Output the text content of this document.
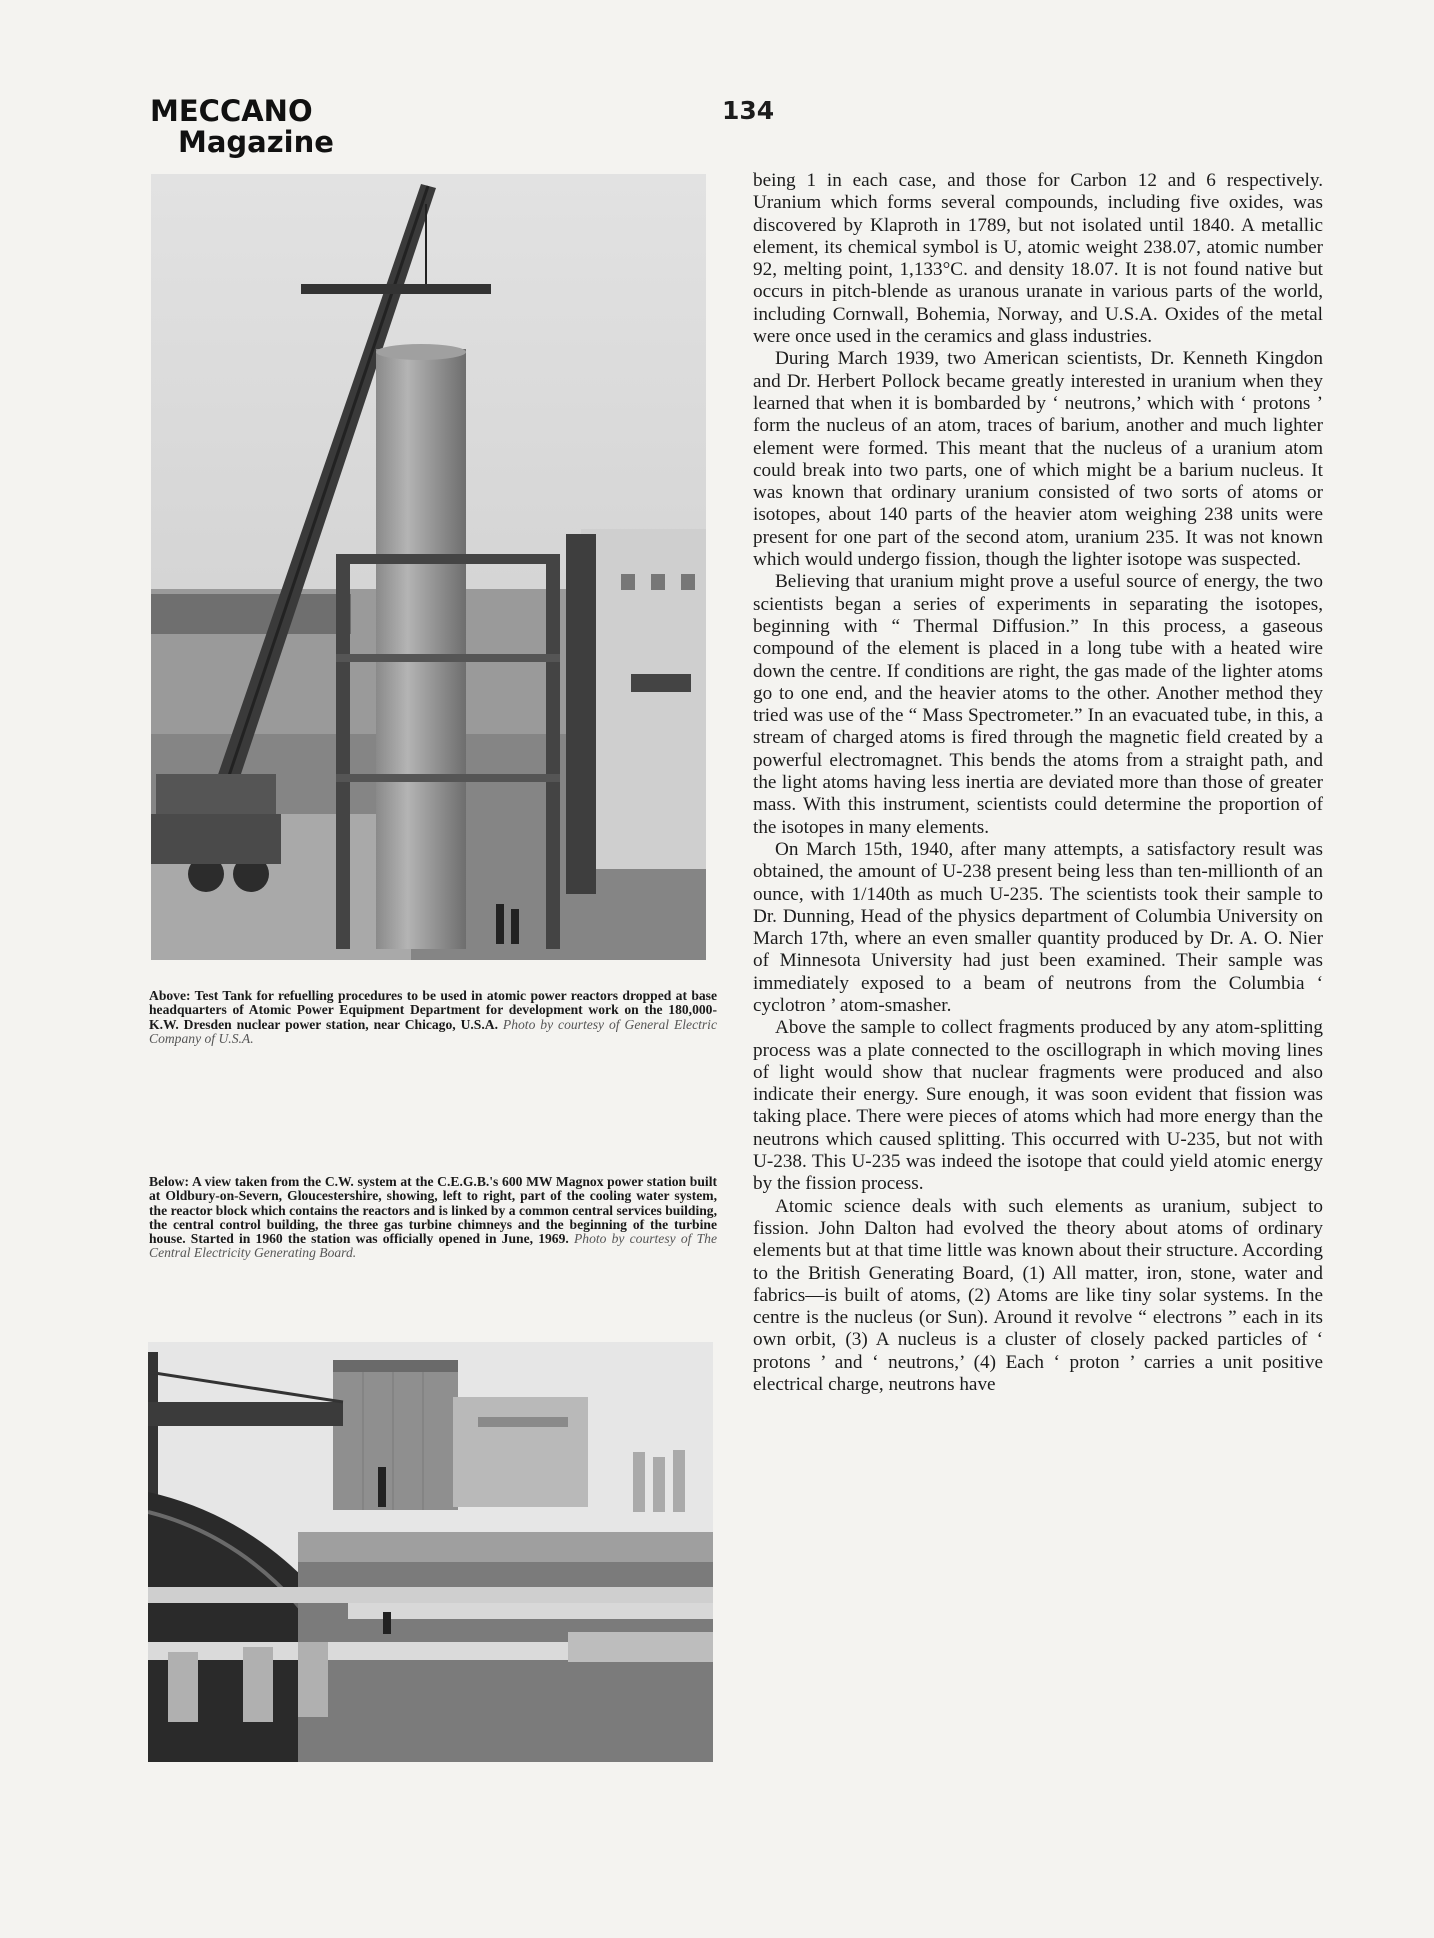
MECCANO
Magazine
134
Above: Test Tank for refuelling procedures to be used in atomic power reactors dropped at base headquarters of Atomic Power Equipment Department for development work on the 180,000-K.W. Dresden nuclear power station, near Chicago, U.S.A. Photo by courtesy of General Electric Company of U.S.A.
Below: A view taken from the C.W. system at the C.E.G.B.'s 600 MW Magnox power station built at Oldbury-on-Severn, Gloucestershire, showing, left to right, part of the cooling water system, the reactor block which contains the reactors and is linked by a common central services building, the central control building, the three gas turbine chimneys and the beginning of the turbine house. Started in 1960 the station was officially opened in June, 1969. Photo by courtesy of The Central Electricity Generating Board.

being 1 in each case, and those for Carbon 12 and 6 respectively. Uranium which forms several compounds, including five oxides, was discovered by Klaproth in 1789, but not isolated until 1840. A metallic element, its chemical symbol is U, atomic weight 238.07, atomic number 92, melting point, 1,133°C. and density 18.07. It is not found native but occurs in pitch-blende as uranous uranate in various parts of the world, including Cornwall, Bohemia, Norway, and U.S.A. Oxides of the metal were once used in the ceramics and glass industries.

During March 1939, two American scientists, Dr. Kenneth Kingdon and Dr. Herbert Pollock became greatly interested in uranium when they learned that when it is bombarded by ‘ neutrons,’ which with ‘ protons ’ form the nucleus of an atom, traces of barium, another and much lighter element were formed. This meant that the nucleus of a uranium atom could break into two parts, one of which might be a barium nucleus. It was known that ordinary uranium consisted of two sorts of atoms or isotopes, about 140 parts of the heavier atom weighing 238 units were present for one part of the second atom, uranium 235. It was not known which would undergo fission, though the lighter isotope was suspected.

Believing that uranium might prove a useful source of energy, the two scientists began a series of experiments in separating the isotopes, beginning with “ Thermal Diffusion.” In this process, a gaseous compound of the element is placed in a long tube with a heated wire down the centre. If conditions are right, the gas made of the lighter atoms go to one end, and the heavier atoms to the other. Another method they tried was use of the “ Mass Spectrometer.” In an evacuated tube, in this, a stream of charged atoms is fired through the magnetic field created by a powerful electromagnet. This bends the atoms from a straight path, and the light atoms having less inertia are deviated more than those of greater mass. With this instrument, scientists could determine the proportion of the isotopes in many elements.

On March 15th, 1940, after many attempts, a satisfactory result was obtained, the amount of U-238 present being less than ten-millionth of an ounce, with 1/140th as much U-235. The scientists took their sample to Dr. Dunning, Head of the physics department of Columbia University on March 17th, where an even smaller quantity produced by Dr. A. O. Nier of Minnesota University had just been examined. Their sample was immediately exposed to a beam of neutrons from the Columbia ‘ cyclotron ’ atom-smasher.

Above the sample to collect fragments produced by any atom-splitting process was a plate connected to the oscillograph in which moving lines of light would show that nuclear fragments were produced and also indicate their energy. Sure enough, it was soon evident that fission was taking place. There were pieces of atoms which had more energy than the neutrons which caused splitting. This occurred with U-235, but not with U-238. This U-235 was indeed the isotope that could yield atomic energy by the fission process.

Atomic science deals with such elements as uranium, subject to fission. John Dalton had evolved the theory about atoms of ordinary elements but at that time little was known about their structure. According to the British Generating Board, (1) All matter, iron, stone, water and fabrics—is built of atoms, (2) Atoms are like tiny solar systems. In the centre is the nucleus (or Sun). Around it revolve “ electrons ” each in its own orbit, (3) A nucleus is a cluster of closely packed particles of ‘ protons ’ and ‘ neutrons,’ (4) Each ‘ proton ’ carries a unit positive electrical charge, neutrons have
